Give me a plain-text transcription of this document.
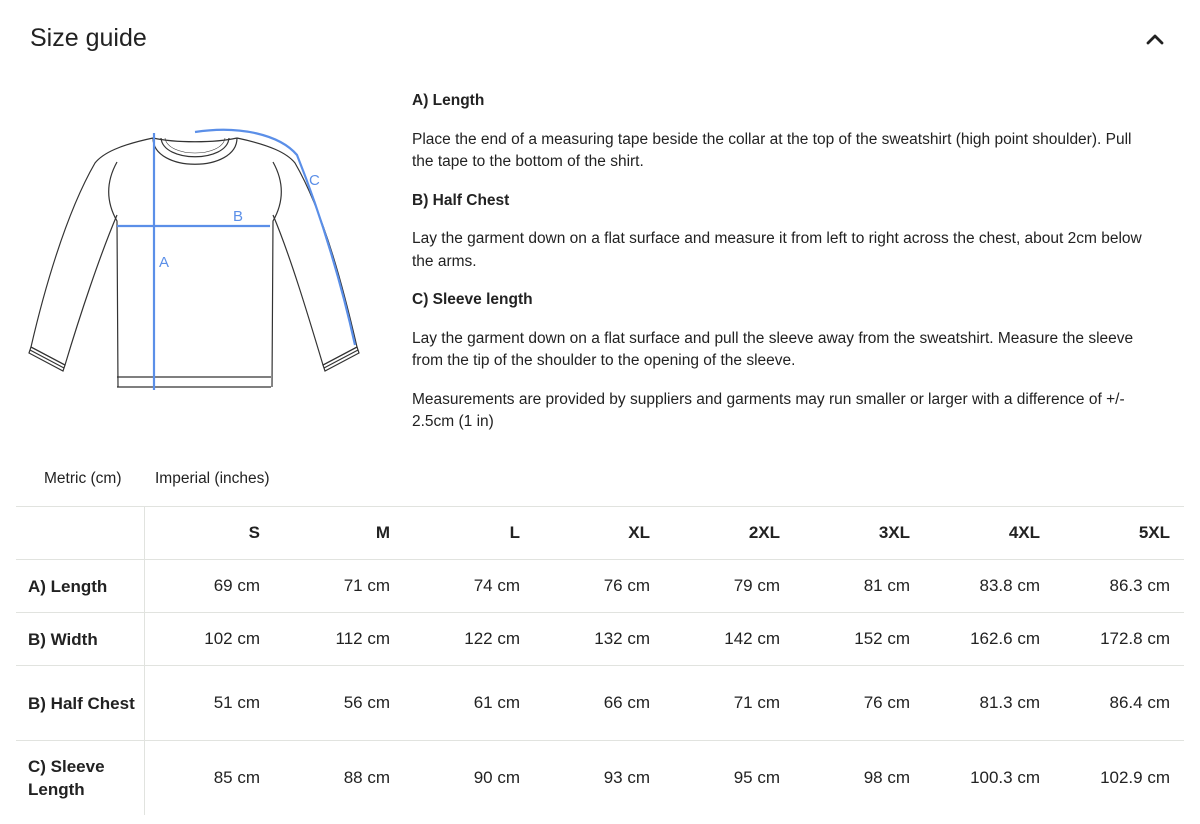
Size guide
A
B
C
A) Length
Place the end of a measuring tape beside the collar at the top of the sweatshirt (high point shoulder). Pull the tape to the bottom of the shirt.
B) Half Chest
Lay the garment down on a flat surface and measure it from left to right across the chest, about 2cm below the arms.
C) Sleeve length
Lay the garment down on a flat surface and pull the sleeve away from the sweatshirt. Measure the sleeve from the tip of the shoulder to the opening of the sleeve.
Measurements are provided by suppliers and garments may run smaller or larger with a difference of +/- 2.5cm (1 in)
Metric (cm) Imperial (inches)
	S	M	L	XL	2XL	3XL	4XL	5XL
A) Length	69 cm	71 cm	74 cm	76 cm	79 cm	81 cm	83.8 cm	86.3 cm
B) Width	102 cm	112 cm	122 cm	132 cm	142 cm	152 cm	162.6 cm	172.8 cm
B) Half Chest	51 cm	56 cm	61 cm	66 cm	71 cm	76 cm	81.3 cm	86.4 cm
C) Sleeve Length	85 cm	88 cm	90 cm	93 cm	95 cm	98 cm	100.3 cm	102.9 cm
